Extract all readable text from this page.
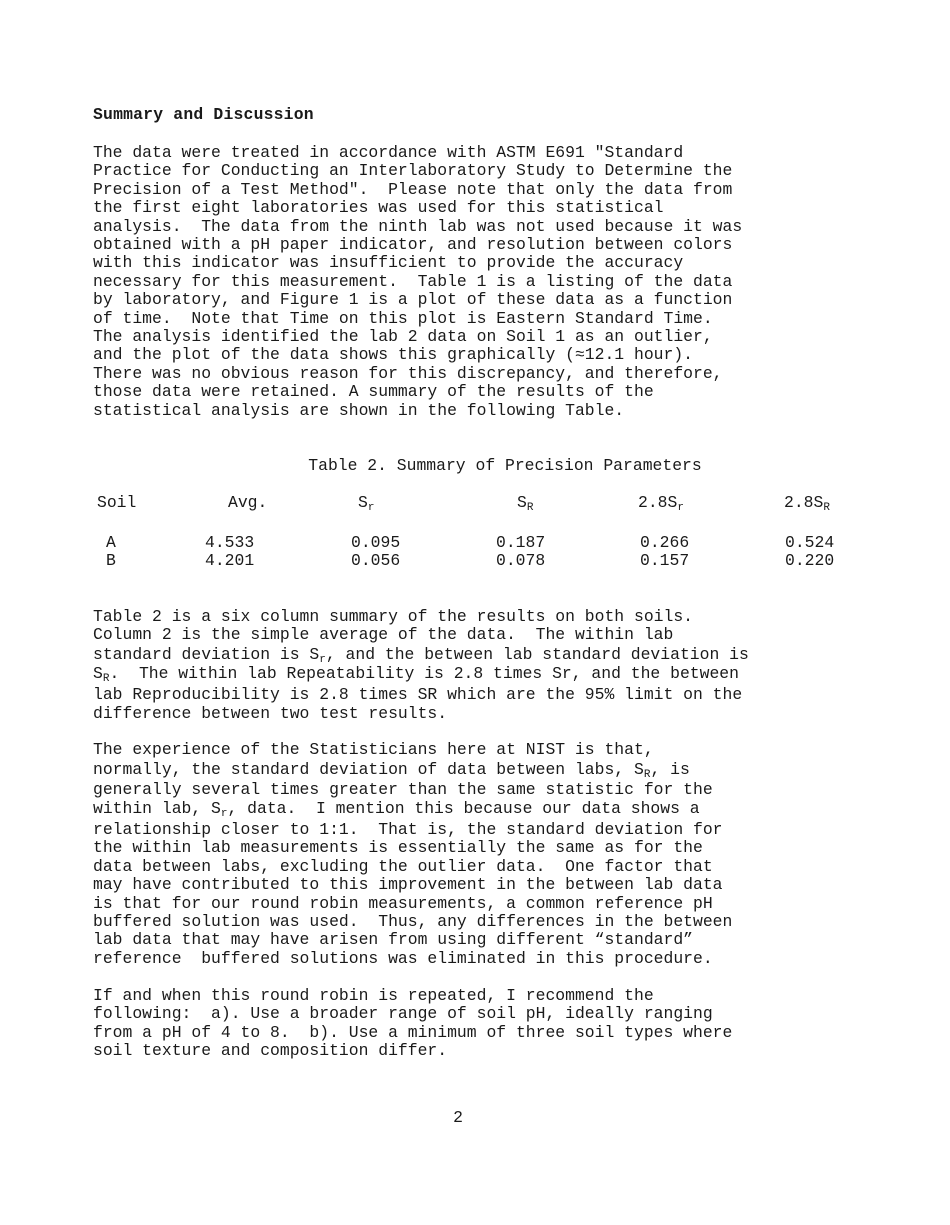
Summary and Discussion
The data were treated in accordance with ASTM E691 "Standard
Practice for Conducting an Interlaboratory Study to Determine the
Precision of a Test Method".  Please note that only the data from
the first eight laboratories was used for this statistical
analysis.  The data from the ninth lab was not used because it was
obtained with a pH paper indicator, and resolution between colors
with this indicator was insufficient to provide the accuracy
necessary for this measurement.  Table 1 is a listing of the data
by laboratory, and Figure 1 is a plot of these data as a function
of time.  Note that Time on this plot is Eastern Standard Time.
The analysis identified the lab 2 data on Soil 1 as an outlier,
and the plot of the data shows this graphically (≈12.1 hour).
There was no obvious reason for this discrepancy, and therefore,
those data were retained. A summary of the results of the
statistical analysis are shown in the following Table.
Table 2. Summary of Precision Parameters
Soil	Avg.	$S_r$	$S_R$	$2.8S_r$	$2.8S_R$
A	4.533	0.095	0.187	0.266	0.524
B	4.201	0.056	0.078	0.157	0.220
Table 2 is a six column summary of the results on both soils.
Column 2 is the simple average of the data.  The within lab
standard deviation is $S_r$, and the between lab standard deviation is
$S_R$.  The within lab Repeatability is 2.8 times Sr, and the between
lab Reproducibility is 2.8 times SR which are the 95% limit on the
difference between two test results.
The experience of the Statisticians here at NIST is that,
normally, the standard deviation of data between labs, $S_R$, is
generally several times greater than the same statistic for the
within lab, $S_r$, data.  I mention this because our data shows a
relationship closer to 1:1.  That is, the standard deviation for
the within lab measurements is essentially the same as for the
data between labs, excluding the outlier data.  One factor that
may have contributed to this improvement in the between lab data
is that for our round robin measurements, a common reference pH
buffered solution was used.  Thus, any differences in the between
lab data that may have arisen from using different “standard”
reference  buffered solutions was eliminated in this procedure.
If and when this round robin is repeated, I recommend the
following:  a). Use a broader range of soil pH, ideally ranging
from a pH of 4 to 8.  b). Use a minimum of three soil types where
soil texture and composition differ.
2
